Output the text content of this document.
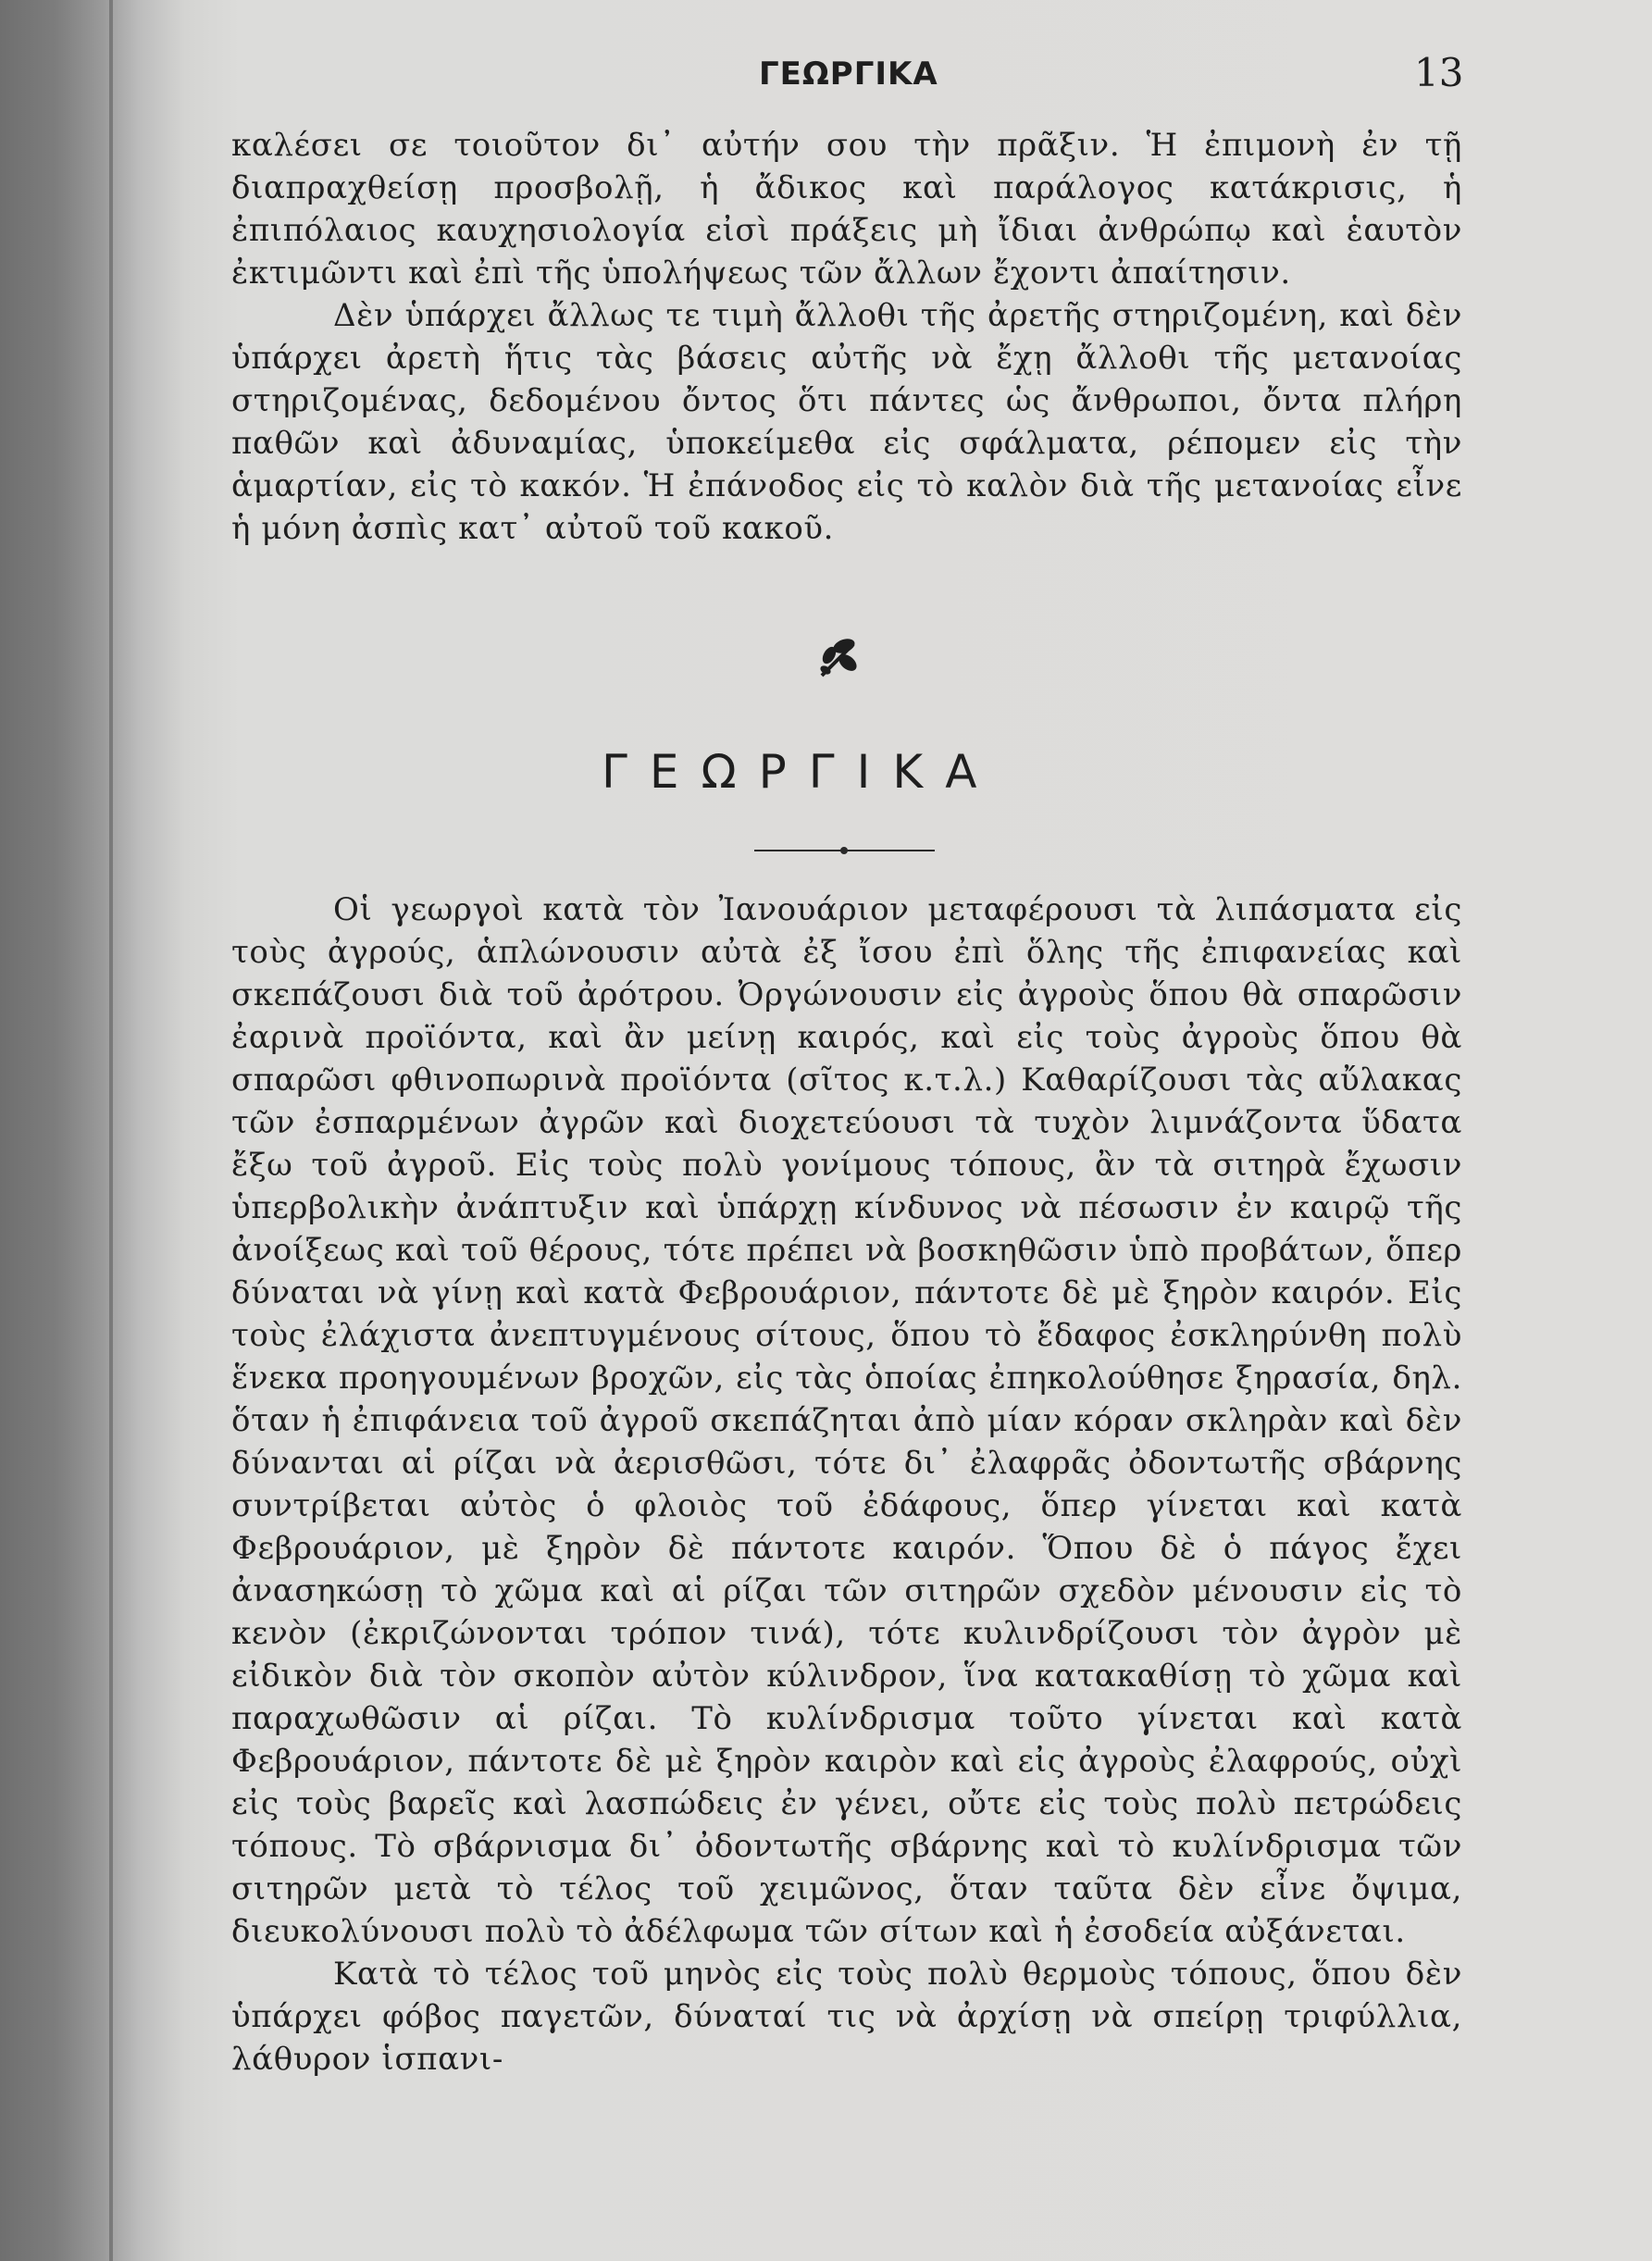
ΓΕΩΡΓΙΚΑ	13

καλέσει σε τοιοῦτον δι᾽ αὐτήν σου τὴν πρᾶξιν. Ἡ ἐπιμονὴ ἐν τῇ διαπραχθείσῃ προσβολῇ, ἡ ἄδικος καὶ παράλογος κατάκρισις, ἡ ἐπιπόλαιος καυχησιολογία εἰσὶ πράξεις μὴ ἴδιαι ἀνθρώπῳ καὶ ἑαυτὸν ἐκτιμῶντι καὶ ἐπὶ τῆς ὑπολήψεως τῶν ἄλλων ἔχοντι ἀπαίτησιν.

Δὲν ὑπάρχει ἄλλως τε τιμὴ ἄλλοθι τῆς ἀρετῆς στηριζομένη, καὶ δὲν ὑπάρχει ἀρετὴ ἥτις τὰς βάσεις αὐτῆς νὰ ἔχῃ ἄλλοθι τῆς μετανοίας στηριζομένας, δεδομένου ὄντος ὅτι πάντες ὡς ἄνθρωποι, ὄντα πλήρη παθῶν καὶ ἀδυναμίας, ὑποκείμεθα εἰς σφάλματα, ρέπομεν εἰς τὴν ἁμαρτίαν, εἰς τὸ κακόν. Ἡ ἐπάνοδος εἰς τὸ καλὸν διὰ τῆς μετανοίας εἶνε ἡ μόνη ἀσπὶς κατ᾽ αὐτοῦ τοῦ κακοῦ.

ΓΕΩΡΓΙΚΑ

Οἱ γεωργοὶ κατὰ τὸν Ἰανουάριον μεταφέρουσι τὰ λιπάσματα εἰς τοὺς ἀγρούς, ἁπλώνουσιν αὐτὰ ἐξ ἴσου ἐπὶ ὅλης τῆς ἐπιφανείας καὶ σκεπάζουσι διὰ τοῦ ἀρότρου. Ὀργώνουσιν εἰς ἀγροὺς ὅπου θὰ σπαρῶσιν ἐαρινὰ προϊόντα, καὶ ἂν μείνῃ καιρός, καὶ εἰς τοὺς ἀγροὺς ὅπου θὰ σπαρῶσι φθινοπωρινὰ προϊόντα (σῖτος κ.τ.λ.) Καθαρίζουσι τὰς αὔλακας τῶν ἐσπαρμένων ἀγρῶν καὶ διοχετεύουσι τὰ τυχὸν λιμνάζοντα ὕδατα ἔξω τοῦ ἀγροῦ. Εἰς τοὺς πολὺ γονίμους τόπους, ἂν τὰ σιτηρὰ ἔχωσιν ὑπερβολικὴν ἀνάπτυξιν καὶ ὑπάρχῃ κίνδυνος νὰ πέσωσιν ἐν καιρῷ τῆς ἀνοίξεως καὶ τοῦ θέρους, τότε πρέπει νὰ βοσκηθῶσιν ὑπὸ προβάτων, ὅπερ δύναται νὰ γίνῃ καὶ κατὰ Φεβρουάριον, πάντοτε δὲ μὲ ξηρὸν καιρόν. Εἰς τοὺς ἐλάχιστα ἀνεπτυγμένους σίτους, ὅπου τὸ ἔδαφος ἐσκληρύνθη πολὺ ἕνεκα προηγουμένων βροχῶν, εἰς τὰς ὁποίας ἐπηκολούθησε ξηρασία, δηλ. ὅταν ἡ ἐπιφάνεια τοῦ ἀγροῦ σκεπάζηται ἀπὸ μίαν κόραν σκληρὰν καὶ δὲν δύνανται αἱ ρίζαι νὰ ἀερισθῶσι, τότε δι᾽ ἐλαφρᾶς ὀδοντωτῆς σβάρνης συντρίβεται αὐτὸς ὁ φλοιὸς τοῦ ἐδάφους, ὅπερ γίνεται καὶ κατὰ Φεβρουάριον, μὲ ξηρὸν δὲ πάντοτε καιρόν. Ὅπου δὲ ὁ πάγος ἔχει ἀνασηκώσῃ τὸ χῶμα καὶ αἱ ρίζαι τῶν σιτηρῶν σχεδὸν μένουσιν εἰς τὸ κενὸν (ἐκριζώνονται τρόπον τινά), τότε κυλινδρίζουσι τὸν ἀγρὸν μὲ εἰδικὸν διὰ τὸν σκοπὸν αὐτὸν κύλινδρον, ἵνα κατακαθίσῃ τὸ χῶμα καὶ παραχωθῶσιν αἱ ρίζαι. Τὸ κυλίνδρισμα τοῦτο γίνεται καὶ κατὰ Φεβρουάριον, πάντοτε δὲ μὲ ξηρὸν καιρὸν καὶ εἰς ἀγροὺς ἐλαφρούς, οὐχὶ εἰς τοὺς βαρεῖς καὶ λασπώδεις ἐν γένει, οὔτε εἰς τοὺς πολὺ πετρώδεις τόπους. Τὸ σβάρνισμα δι᾽ ὀδοντωτῆς σβάρνης καὶ τὸ κυλίνδρισμα τῶν σιτηρῶν μετὰ τὸ τέλος τοῦ χειμῶνος, ὅταν ταῦτα δὲν εἶνε ὄψιμα, διευκολύνουσι πολὺ τὸ ἀδέλφωμα τῶν σίτων καὶ ἡ ἐσοδεία αὐξάνεται.

Κατὰ τὸ τέλος τοῦ μηνὸς εἰς τοὺς πολὺ θερμοὺς τόπους, ὅπου δὲν ὑπάρχει φόβος παγετῶν, δύναταί τις νὰ ἀρχίσῃ νὰ σπείρῃ τριφύλλια, λάθυρον ἱσπανι-
